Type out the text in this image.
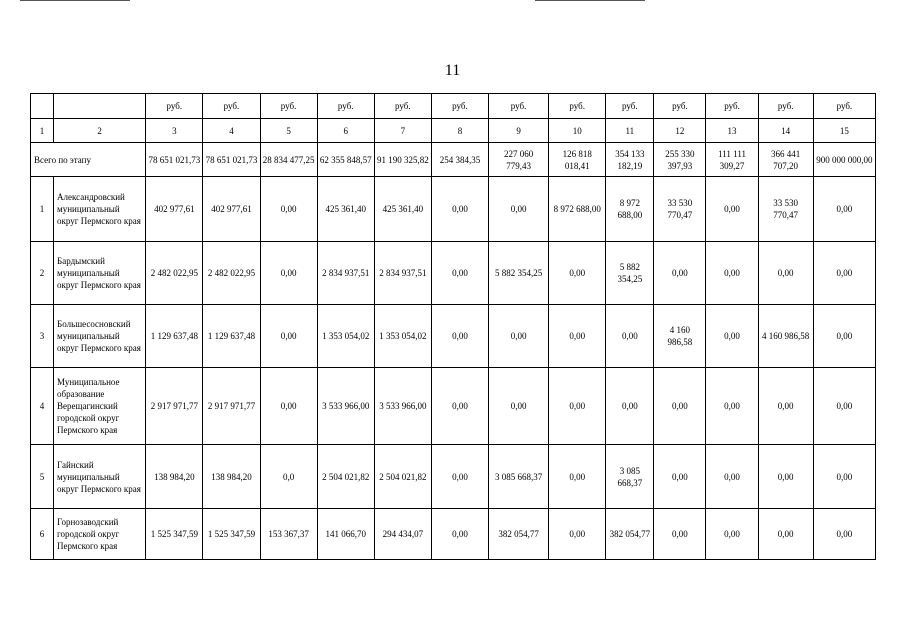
11
		руб.	руб.	руб.	руб.	руб.	руб.	руб.	руб.	руб.	руб.	руб.	руб.	руб.
1	2	3	4	5	6	7	8	9	10	11	12	13	14	15
Всего по этапу		78 651 021,73	78 651 021,73	28 834 477,25	62 355 848,57	91 190 325,82	254 384,35	227 060 779,43	126 818 018,41	354 133 182,19	255 330 397,93	111 111 309,27	366 441 707,20	900 000 000,00
1	Александровский муниципальный округ Пермского края	402 977,61	402 977,61	0,00	425 361,40	425 361,40	0,00	0,00	8 972 688,00	8 972 688,00	33 530 770,47	0,00	33 530 770,47	0,00
2	Бардымский муниципальный округ Пермского края	2 482 022,95	2 482 022,95	0,00	2 834 937,51	2 834 937,51	0,00	5 882 354,25	0,00	5 882 354,25	0,00	0,00	0,00	0,00
3	Большесосновский муниципальный округ Пермского края	1 129 637,48	1 129 637,48	0,00	1 353 054,02	1 353 054,02	0,00	0,00	0,00	0,00	4 160 986,58	0,00	4 160 986,58	0,00
4	Муниципальное образование Верещагинский городской округ Пермского края	2 917 971,77	2 917 971,77	0,00	3 533 966,00	3 533 966,00	0,00	0,00	0,00	0,00	0,00	0,00	0,00	0,00
5	Гайнский муниципальный округ Пермского края	138 984,20	138 984,20	0,0	2 504 021,82	2 504 021,82	0,00	3 085 668,37	0,00	3 085 668,37	0,00	0,00	0,00	0,00
6	Горнозаводский городской округ Пермского края	1 525 347,59	1 525 347,59	153 367,37	141 066,70	294 434,07	0,00	382 054,77	0,00	382 054,77	0,00	0,00	0,00	0,00
